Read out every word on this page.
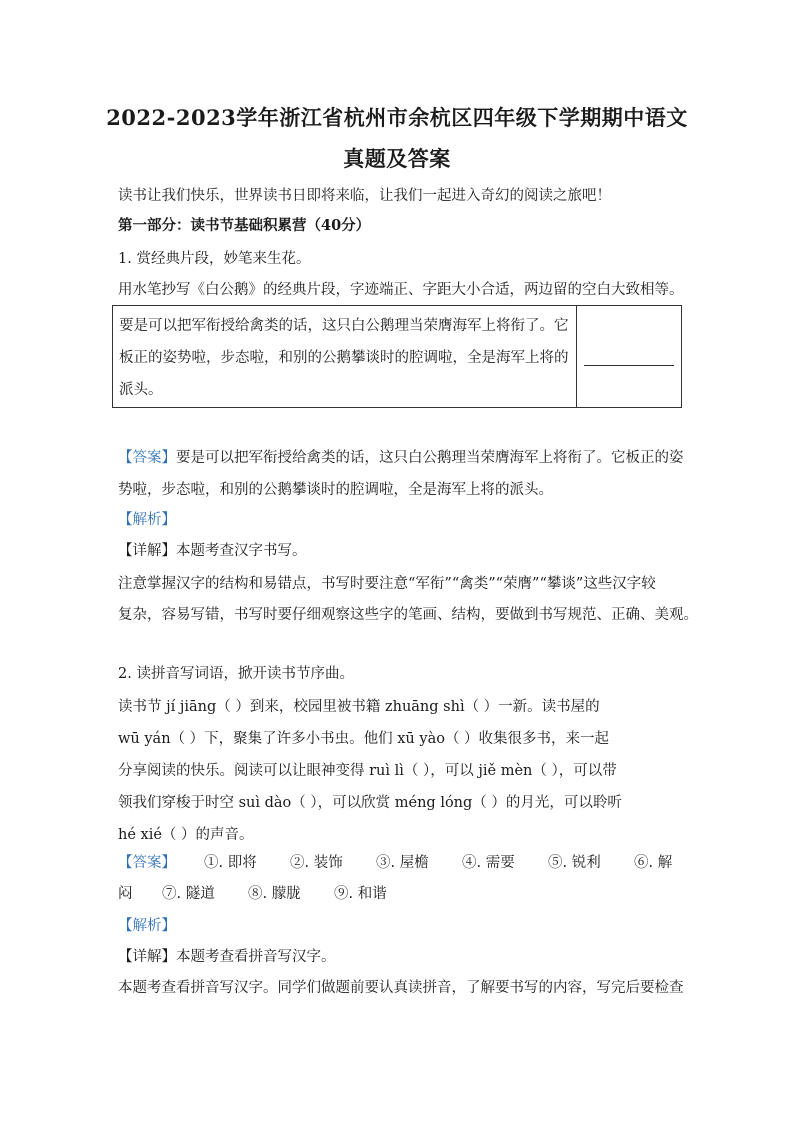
2022-2023学年浙江省杭州市余杭区四年级下学期期中语文
真题及答案
读书让我们快乐，世界读书日即将来临，让我们一起进入奇幻的阅读之旅吧！
第一部分：读书节基础积累营（40分）
1. 赏经典片段，妙笔来生花。
用水笔抄写《白公鹅》的经典片段，字迹端正、字距大小合适，两边留的空白大致相等。
要是可以把军衔授给禽类的话，这只白公鹅理当荣膺海军上将衔了。它
板正的姿势啦，步态啦，和别的公鹅攀谈时的腔调啦，全是海军上将的
派头。
【答案】要是可以把军衔授给禽类的话，这只白公鹅理当荣膺海军上将衔了。它板正的姿
势啦，步态啦，和别的公鹅攀谈时的腔调啦，全是海军上将的派头。
【解析】
【详解】本题考查汉字书写。
注意掌握汉字的结构和易错点，书写时要注意“军衔”“禽类”“荣膺”“攀谈”这些汉字较
复杂，容易写错，书写时要仔细观察这些字的笔画、结构，要做到书写规范、正确、美观。
2. 读拼音写词语，掀开读书节序曲。
读书节 jí jiāng（ ）到来，校园里被书籍 zhuāng shì（ ）一新。读书屋的
wū yán（ ）下，聚集了许多小书虫。他们 xū yào（ ）收集很多书，来一起
分享阅读的快乐。阅读可以让眼神变得 ruì lì（ ），可以 jiě mèn（ ），可以带
领我们穿梭于时空 suì dào（ ），可以欣赏 méng lóng（ ）的月光，可以聆听
hé xié（ ）的声音。
【答案】 ①. 即将 ②. 装饰 ③. 屋檐 ④. 需要 ⑤. 锐利 ⑥. 解
闷 ⑦. 隧道 ⑧. 朦胧 ⑨. 和谐
【解析】
【详解】本题考查看拼音写汉字。
本题考查看拼音写汉字。同学们做题前要认真读拼音，了解要书写的内容，写完后要检查
